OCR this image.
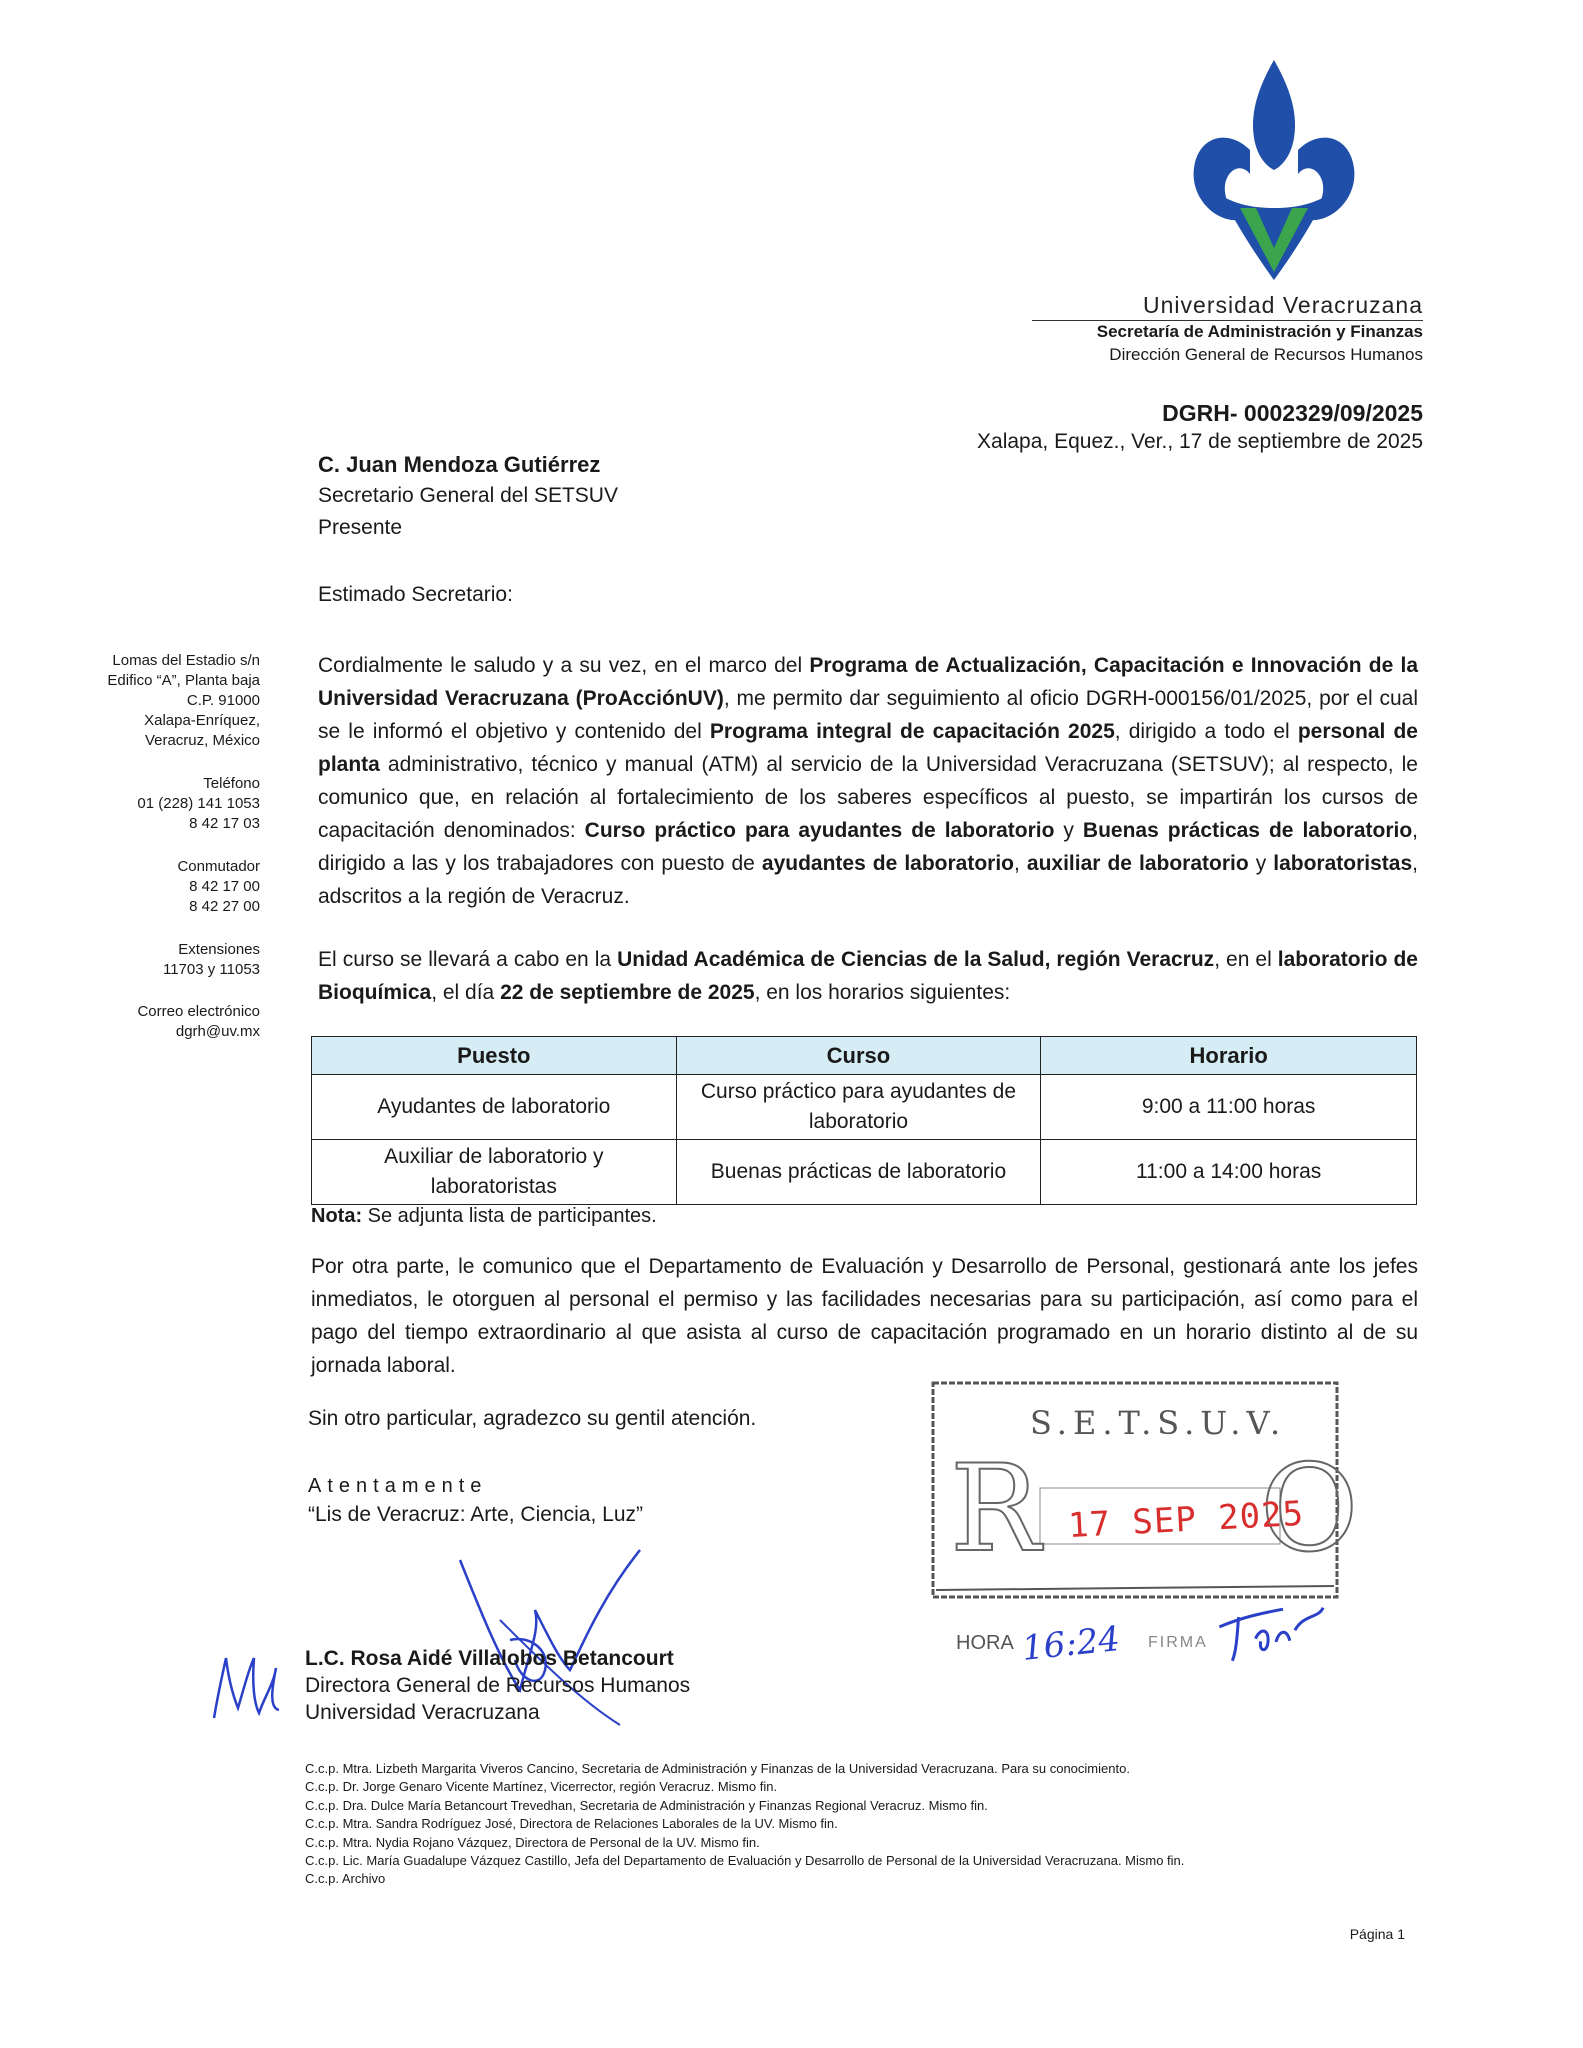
Universidad Veracruzana
Secretaría de Administración y Finanzas
Dirección General de Recursos Humanos
DGRH- 0002329/09/2025
Xalapa, Equez., Ver., 17 de septiembre de 2025
C. Juan Mendoza Gutiérrez
Secretario General del SETSUV
Presente
Estimado Secretario:
Lomas del Estadio s/n
Edifico “A”, Planta baja
C.P. 91000
Xalapa-Enríquez,
Veracruz, México
Teléfono
01 (228) 141 1053
8 42 17 03
Conmutador
8 42 17 00
8 42 27 00
Extensiones
11703 y 11053
Correo electrónico
dgrh@uv.mx
Cordialmente le saludo y a su vez, en el marco del Programa de Actualización, Capacitación e Innovación de la Universidad Veracruzana (ProAcciónUV), me permito dar seguimiento al oficio DGRH-000156/01/2025, por el cual se le informó el objetivo y contenido del Programa integral de capacitación 2025, dirigido a todo el personal de planta administrativo, técnico y manual (ATM) al servicio de la Universidad Veracruzana (SETSUV); al respecto, le comunico que, en relación al fortalecimiento de los saberes específicos al puesto, se impartirán los cursos de capacitación denominados: Curso práctico para ayudantes de laboratorio y Buenas prácticas de laboratorio, dirigido a las y los trabajadores con puesto de ayudantes de laboratorio, auxiliar de laboratorio y laboratoristas, adscritos a la región de Veracruz.
El curso se llevará a cabo en la Unidad Académica de Ciencias de la Salud, región Veracruz, en el laboratorio de Bioquímica, el día 22 de septiembre de 2025, en los horarios siguientes:
Puesto	Curso	Horario
Ayudantes de laboratorio	Curso práctico para ayudantes de laboratorio	9:00 a 11:00 horas
Auxiliar de laboratorio y laboratoristas	Buenas prácticas de laboratorio	11:00 a 14:00 horas
Nota: Se adjunta lista de participantes.
Por otra parte, le comunico que el Departamento de Evaluación y Desarrollo de Personal, gestionará ante los jefes inmediatos, le otorguen al personal el permiso y las facilidades necesarias para su participación, así como para el pago del tiempo extraordinario al que asista al curso de capacitación programado en un horario distinto al de su jornada laboral.
Sin otro particular, agradezco su gentil atención.
Atentamente
“Lis de Veracruz: Arte, Ciencia, Luz”
L.C. Rosa Aidé Villalobos Betancourt
Directora General de Recursos Humanos
Universidad Veracruzana
R O
S.E.T.S.U.V.
17 SEP 2025
HORA 16:24 FIRMA
C.c.p. Mtra. Lizbeth Margarita Viveros Cancino, Secretaria de Administración y Finanzas de la Universidad Veracruzana. Para su conocimiento.
C.c.p. Dr. Jorge Genaro Vicente Martínez, Vicerrector, región Veracruz. Mismo fin.
C.c.p. Dra. Dulce María Betancourt Trevedhan, Secretaria de Administración y Finanzas Regional Veracruz. Mismo fin.
C.c.p. Mtra. Sandra Rodríguez José, Directora de Relaciones Laborales de la UV. Mismo fin.
C.c.p. Mtra. Nydia Rojano Vázquez, Directora de Personal de la UV. Mismo fin.
C.c.p. Lic. María Guadalupe Vázquez Castillo, Jefa del Departamento de Evaluación y Desarrollo de Personal de la Universidad Veracruzana. Mismo fin.
C.c.p. Archivo
Página 1
